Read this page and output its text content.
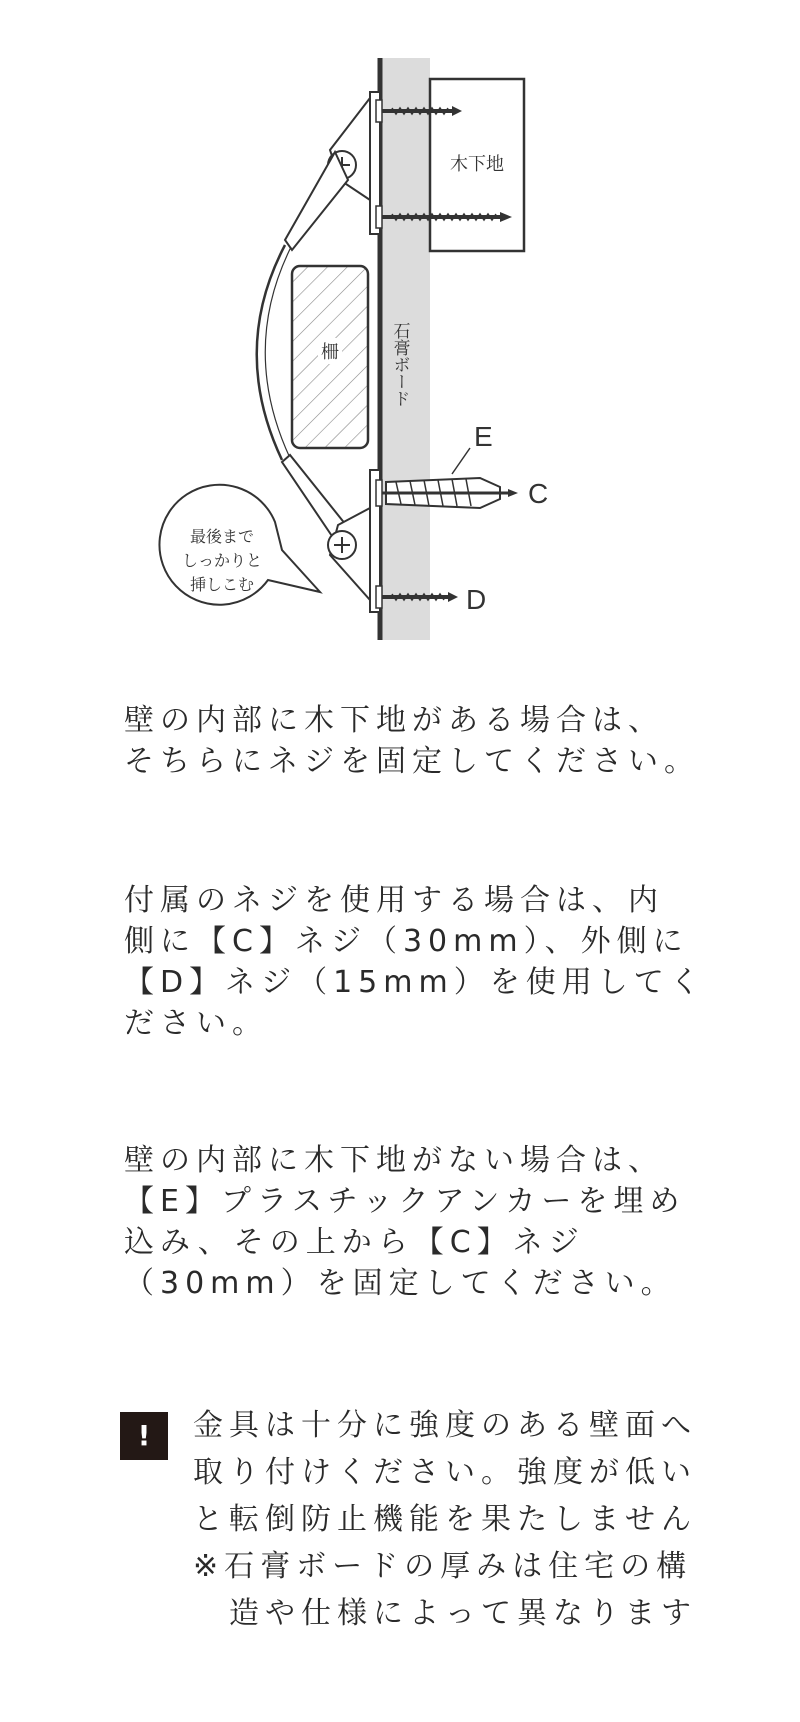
石膏ボード
木下地
柵
E
C
D
最後まで
しっかりと
挿しこむ
壁の内部に木下地がある場合は、
そちらにネジを固定してください。
付属のネジを使用する場合は、内
側に【C】ネジ（30mm）、外側に
【D】ネジ（15mm）を使用してく
ださい。
壁の内部に木下地がない場合は、
【E】プラスチックアンカーを埋め
込み、その上から【C】ネジ
（30mm）を固定してください。
!	金具は十分に強度のある壁面へ
取り付けください。強度が低い
と転倒防止機能を果たしません
※石膏ボードの厚みは住宅の構
造や仕様によって異なります
